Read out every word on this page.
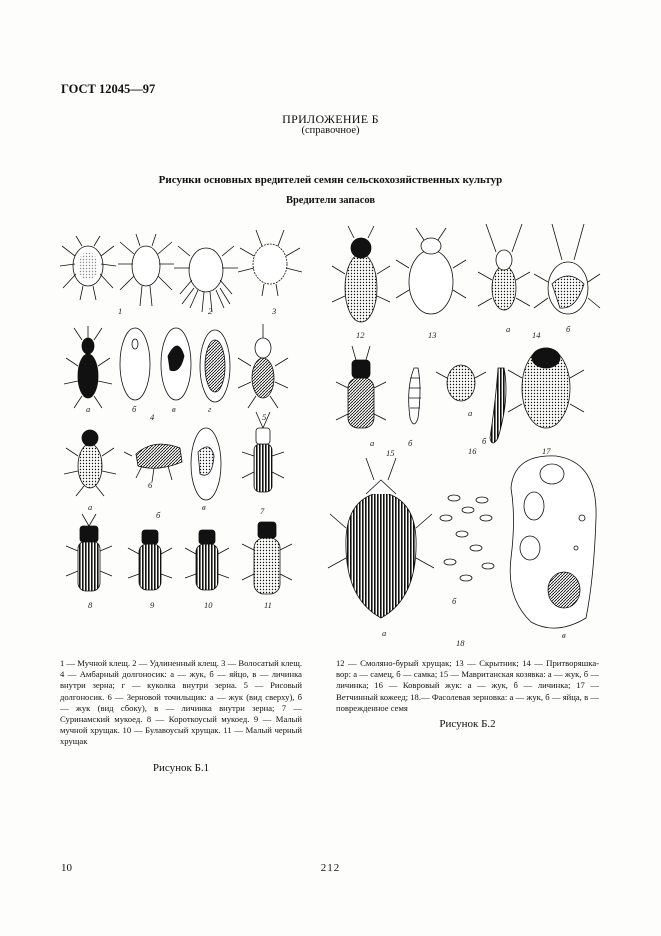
ГОСТ 12045—97
ПРИЛОЖЕНИЕ Б
(справочное)
Рисунки основных вредителей семян сельскохозяйственных культур
Вредители запасов
1	2	3
а	б	в	г
4	5
а
б
в
6
7
8	9	10	11
12	13
а
14
б
а	б
15
а
б
16	17
а
б
18
в
1 — Мучной клещ. 2 — Удлиненный клещ. 3 — Волосатый клещ. 4 — Амбарный долгоносик: а — жук, б — яйцо, в — личинка внутри зерна; г — куколка внутри зерна. 5 — Рисовый долгоносик. 6 — Зерновой точильщик: а — жук (вид сверху), б — жук (вид сбоку), в — личинка внутри зерна; 7 — Суринамский мукоед. 8 — Короткоусый мукоед. 9 — Малый мучной хрущак. 10 — Булавоусый хрущак. 11 — Малый черный хрущак
12 — Смоляно-бурый хрущак; 13 — Скрытник; 14 — Притворяшка-вор: а — самец, б — самка; 15 — Мавританская козявка: а — жук, б — личинка; 16 — Ковровый жук: а — жук, б — личинка; 17 — Ветчинный кожеед; 18.— Фасолевая зерновка: а — жук, б — яйца, в — поврежденное семя
Рисунок Б.1
Рисунок Б.2
10	212
